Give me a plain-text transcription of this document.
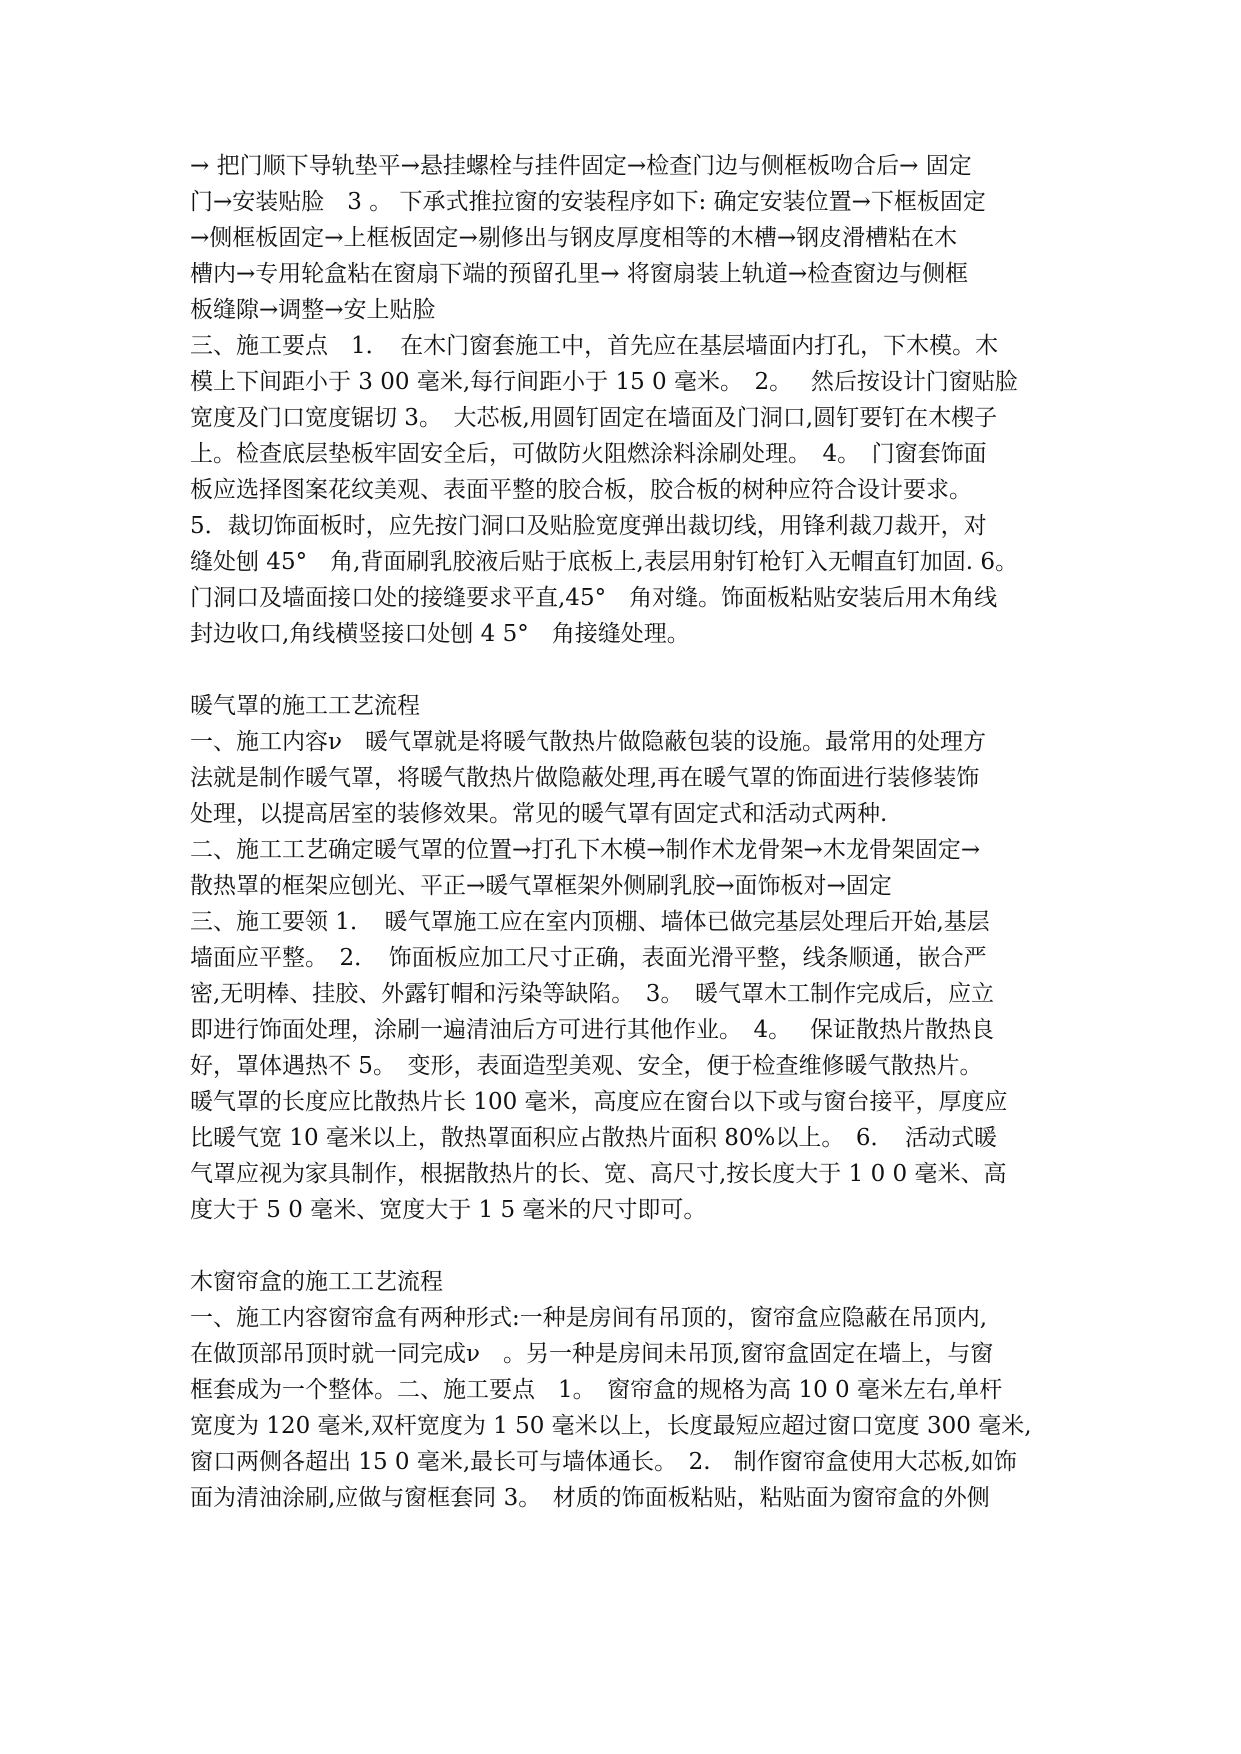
→ 把门顺下导轨垫平→悬挂螺栓与挂件固定→检查门边与侧框板吻合后→ 固定
门→安装贴脸　3 。 下承式推拉窗的安装程序如下: 确定安装位置→下框板固定
→侧框板固定→上框板固定→剔修出与钢皮厚度相等的木槽→钢皮滑槽粘在木
槽内→专用轮盒粘在窗扇下端的预留孔里→ 将窗扇装上轨道→检查窗边与侧框
板缝隙→调整→安上贴脸
三、施工要点　1．　在木门窗套施工中，首先应在基层墙面内打孔，下木模。木
模上下间距小于 3 00 毫米,每行间距小于 15 0 毫米。　2。　 然后按设计门窗贴脸
宽度及门口宽度锯切 3。　大芯板,用圆钉固定在墙面及门洞口,圆钉要钉在木楔子
上。检查底层垫板牢固安全后，可做防火阻燃涂料涂刷处理。　4。　门窗套饰面
板应选择图案花纹美观、表面平整的胶合板，胶合板的树种应符合设计要求。
5．裁切饰面板时，应先按门洞口及贴脸宽度弹出裁切线，用锋利裁刀裁开，对
缝处刨 45°　角,背面刷乳胶液后贴于底板上,表层用射钉枪钉入无帽直钉加固. 6。
门洞口及墙面接口处的接缝要求平直,45°　角对缝。饰面板粘贴安装后用木角线
封边收口,角线横竖接口处刨 4 5°　角接缝处理。
暖气罩的施工工艺流程
一、施工内容ν　暖气罩就是将暖气散热片做隐蔽包装的设施。最常用的处理方
法就是制作暖气罩，将暖气散热片做隐蔽处理,再在暖气罩的饰面进行装修装饰
处理，以提高居室的装修效果。常见的暖气罩有固定式和活动式两种.
二、施工工艺确定暖气罩的位置→打孔下木模→制作术龙骨架→木龙骨架固定→
散热罩的框架应刨光、平正→暖气罩框架外侧刷乳胶→面饰板对→固定
三、施工要领 1．　暖气罩施工应在室内顶棚、墙体已做完基层处理后开始,基层
墙面应平整。　2．　饰面板应加工尺寸正确，表面光滑平整，线条顺通，嵌合严
密,无明棒、挂胶、外露钉帽和污染等缺陷。　3。　暖气罩木工制作完成后，应立
即进行饰面处理，涂刷一遍清油后方可进行其他作业。　4。　 保证散热片散热良
好，罩体遇热不 5。　变形，表面造型美观、安全，便于检查维修暖气散热片。
暖气罩的长度应比散热片长 100 毫米，高度应在窗台以下或与窗台接平，厚度应
比暖气宽 10 毫米以上，散热罩面积应占散热片面积 80%以上。　6．　活动式暖
气罩应视为家具制作，根据散热片的长、宽、高尺寸,按长度大于 1 0 0 毫米、高
度大于 5 0 毫米、宽度大于 1 5 毫米的尺寸即可。
木窗帘盒的施工工艺流程
一、施工内容窗帘盒有两种形式:一种是房间有吊顶的，窗帘盒应隐蔽在吊顶内,
在做顶部吊顶时就一同完成ν　。另一种是房间未吊顶,窗帘盒固定在墙上，与窗
框套成为一个整体。二、施工要点　1。　窗帘盒的规格为高 10 0 毫米左右,单杆
宽度为 120 毫米,双杆宽度为 1 50 毫米以上，长度最短应超过窗口宽度 300 毫米,
窗口两侧各超出 15 0 毫米,最长可与墙体通长。　2.　制作窗帘盒使用大芯板,如饰
面为清油涂刷,应做与窗框套同 3。　材质的饰面板粘贴，粘贴面为窗帘盒的外侧
